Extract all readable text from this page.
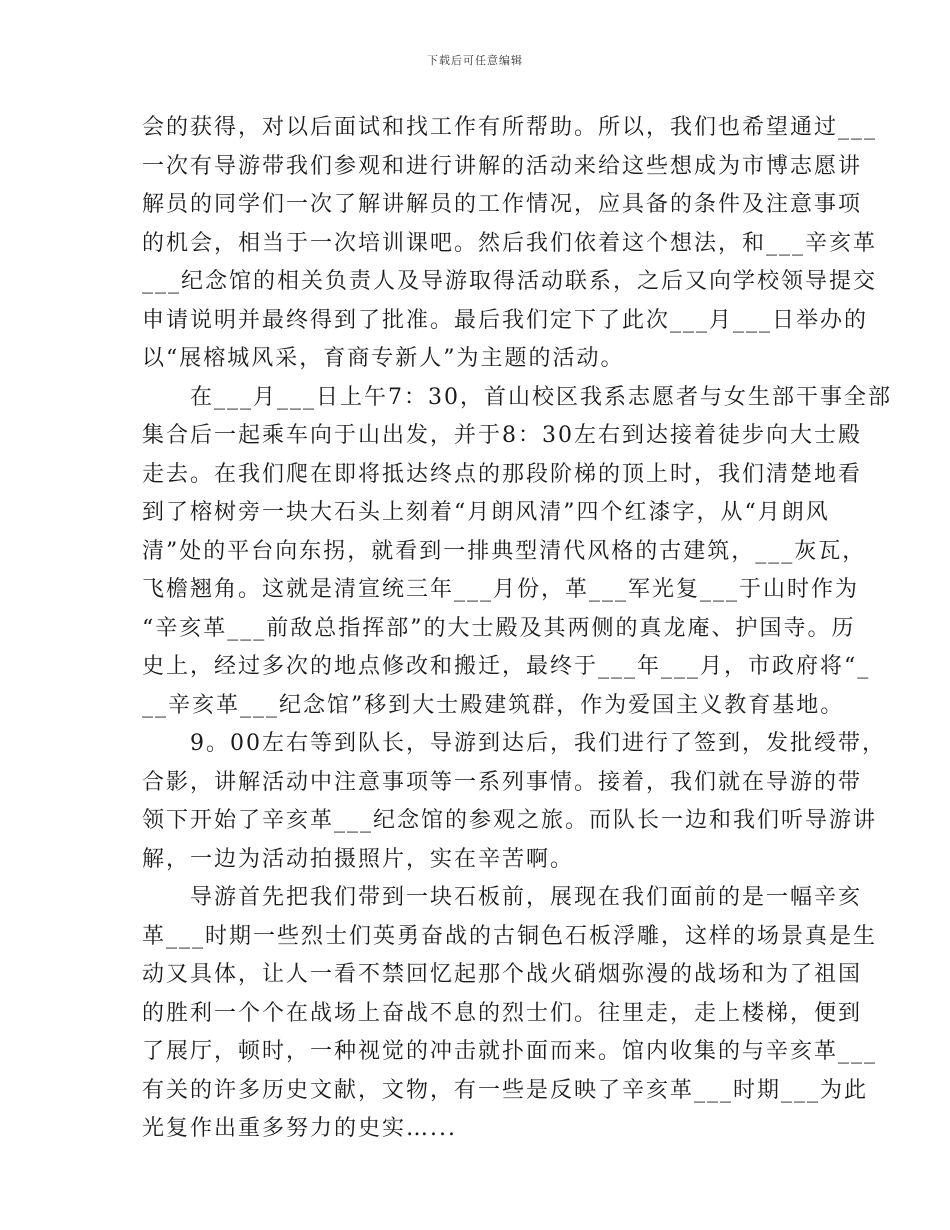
下载后可任意编辑
会的获得，对以后面试和找工作有所帮助。所以，我们也希望通过___
一次有导游带我们参观和进行讲解的活动来给这些想成为市博志愿讲
解员的同学们一次了解讲解员的工作情况，应具备的条件及注意事项
的机会，相当于一次培训课吧。然后我们依着这个想法，和___辛亥革
___纪念馆的相关负责人及导游取得活动联系，之后又向学校领导提交
申请说明并最终得到了批准。最后我们定下了此次___月___日举办的
以“展榕城风采，育商专新人”为主题的活动。
　　在___月___日上午7：30，首山校区我系志愿者与女生部干事全部
集合后一起乘车向于山出发，并于8：30左右到达接着徒步向大士殿
走去。在我们爬在即将抵达终点的那段阶梯的顶上时，我们清楚地看
到了榕树旁一块大石头上刻着“月朗风清”四个红漆字，从“月朗风
清”处的平台向东拐，就看到一排典型清代风格的古建筑，___灰瓦，
飞檐翘角。这就是清宣统三年___月份，革___军光复___于山时作为
“辛亥革___前敌总指挥部”的大士殿及其两侧的真龙庵、护国寺。历
史上，经过多次的地点修改和搬迁，最终于___年___月，市政府将“_
__辛亥革___纪念馆”移到大士殿建筑群，作为爱国主义教育基地。
　　9。00左右等到队长，导游到达后，我们进行了签到，发批绶带，
合影，讲解活动中注意事项等一系列事情。接着，我们就在导游的带
领下开始了辛亥革___纪念馆的参观之旅。而队长一边和我们听导游讲
解，一边为活动拍摄照片，实在辛苦啊。
　　导游首先把我们带到一块石板前，展现在我们面前的是一幅辛亥
革___时期一些烈士们英勇奋战的古铜色石板浮雕，这样的场景真是生
动又具体，让人一看不禁回忆起那个战火硝烟弥漫的战场和为了祖国
的胜利一个个在战场上奋战不息的烈士们。往里走，走上楼梯，便到
了展厅，顿时，一种视觉的冲击就扑面而来。馆内收集的与辛亥革___
有关的许多历史文献，文物，有一些是反映了辛亥革___时期___为此
光复作出重多努力的史实…...
